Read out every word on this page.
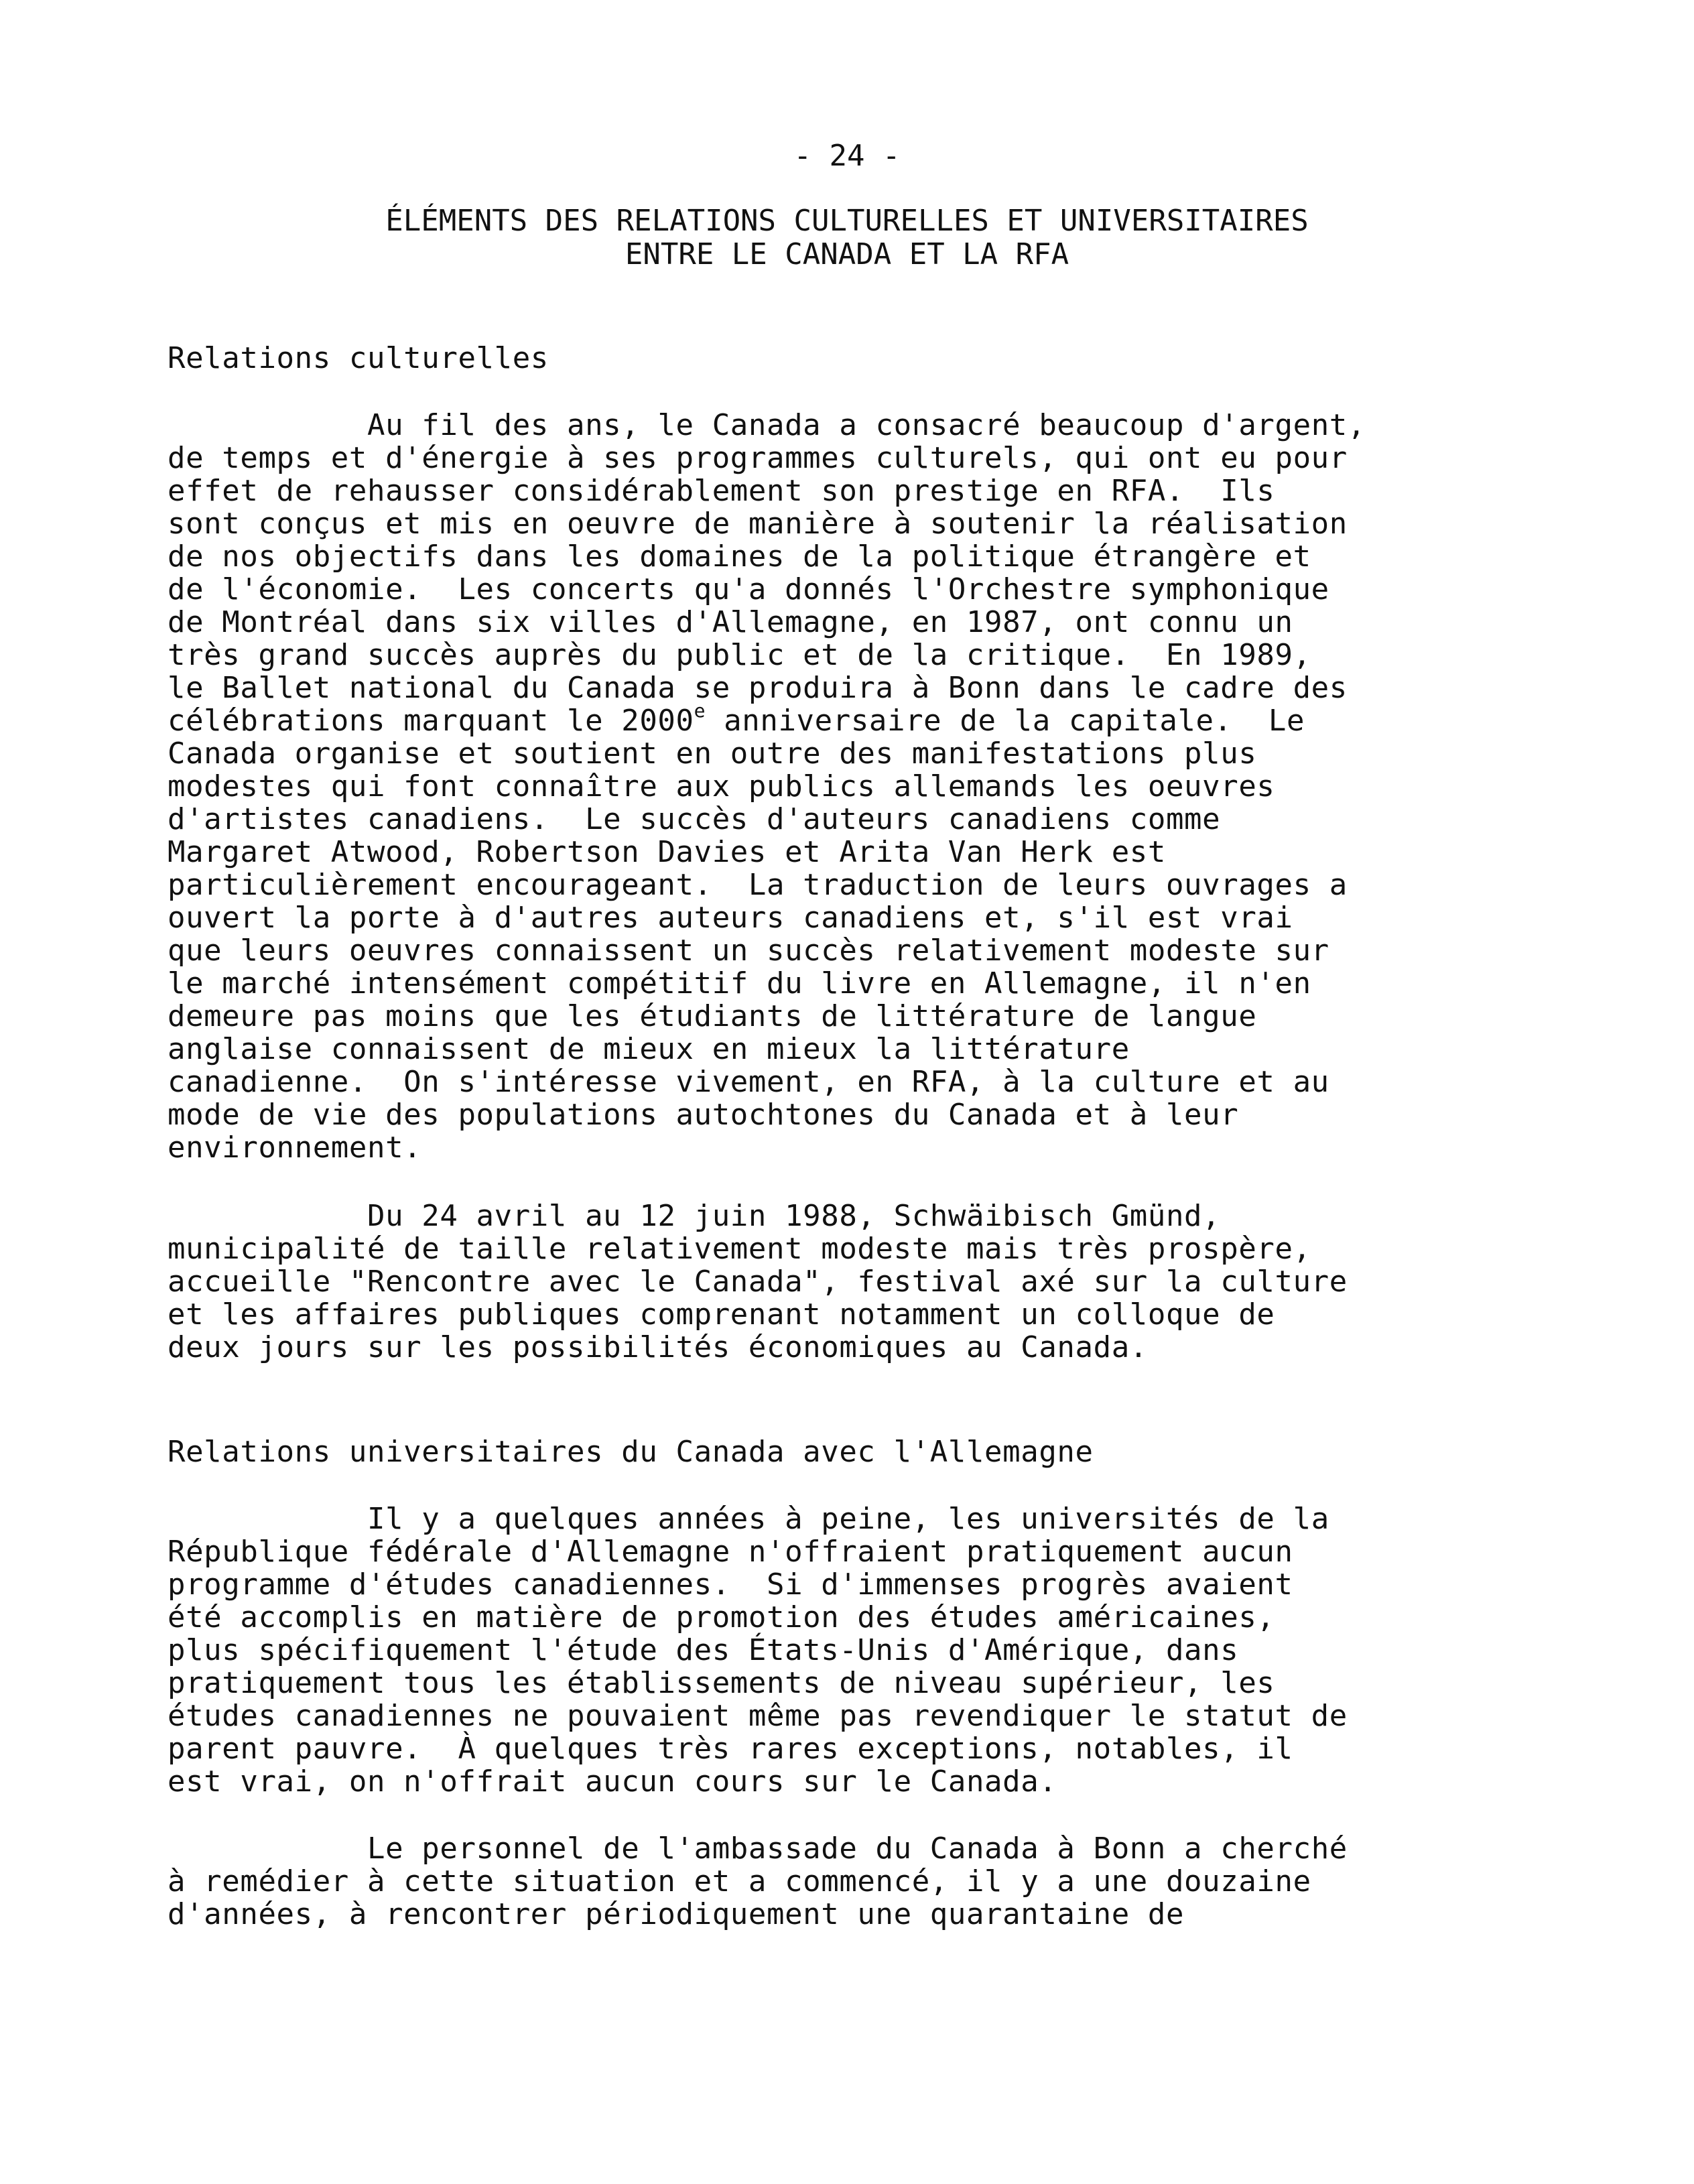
- 24 -
ÉLÉMENTS DES RELATIONS CULTURELLES ET UNIVERSITAIRES
ENTRE LE CANADA ET LA RFA
Relations culturelles
Au fil des ans, le Canada a consacré beaucoup d'argent,
de temps et d'énergie à ses programmes culturels, qui ont eu pour
effet de rehausser considérablement son prestige en RFA.  Ils
sont conçus et mis en oeuvre de manière à soutenir la réalisation
de nos objectifs dans les domaines de la politique étrangère et
de l'économie.  Les concerts qu'a donnés l'Orchestre symphonique
de Montréal dans six villes d'Allemagne, en 1987, ont connu un
très grand succès auprès du public et de la critique.  En 1989,
le Ballet national du Canada se produira à Bonn dans le cadre des
célébrations marquant le 2000e anniversaire de la capitale.  Le
Canada organise et soutient en outre des manifestations plus
modestes qui font connaître aux publics allemands les oeuvres
d'artistes canadiens.  Le succès d'auteurs canadiens comme
Margaret Atwood, Robertson Davies et Arita Van Herk est
particulièrement encourageant.  La traduction de leurs ouvrages a
ouvert la porte à d'autres auteurs canadiens et, s'il est vrai
que leurs oeuvres connaissent un succès relativement modeste sur
le marché intensément compétitif du livre en Allemagne, il n'en
demeure pas moins que les étudiants de littérature de langue
anglaise connaissent de mieux en mieux la littérature
canadienne.  On s'intéresse vivement, en RFA, à la culture et au
mode de vie des populations autochtones du Canada et à leur
environnement.
Du 24 avril au 12 juin 1988, Schwäibisch Gmünd,
municipalité de taille relativement modeste mais très prospère,
accueille "Rencontre avec le Canada", festival axé sur la culture
et les affaires publiques comprenant notamment un colloque de
deux jours sur les possibilités économiques au Canada.
Relations universitaires du Canada avec l'Allemagne
Il y a quelques années à peine, les universités de la
République fédérale d'Allemagne n'offraient pratiquement aucun
programme d'études canadiennes.  Si d'immenses progrès avaient
été accomplis en matière de promotion des études américaines,
plus spécifiquement l'étude des États-Unis d'Amérique, dans
pratiquement tous les établissements de niveau supérieur, les
études canadiennes ne pouvaient même pas revendiquer le statut de
parent pauvre.  À quelques très rares exceptions, notables, il
est vrai, on n'offrait aucun cours sur le Canada.
Le personnel de l'ambassade du Canada à Bonn a cherché
à remédier à cette situation et a commencé, il y a une douzaine
d'années, à rencontrer périodiquement une quarantaine de
